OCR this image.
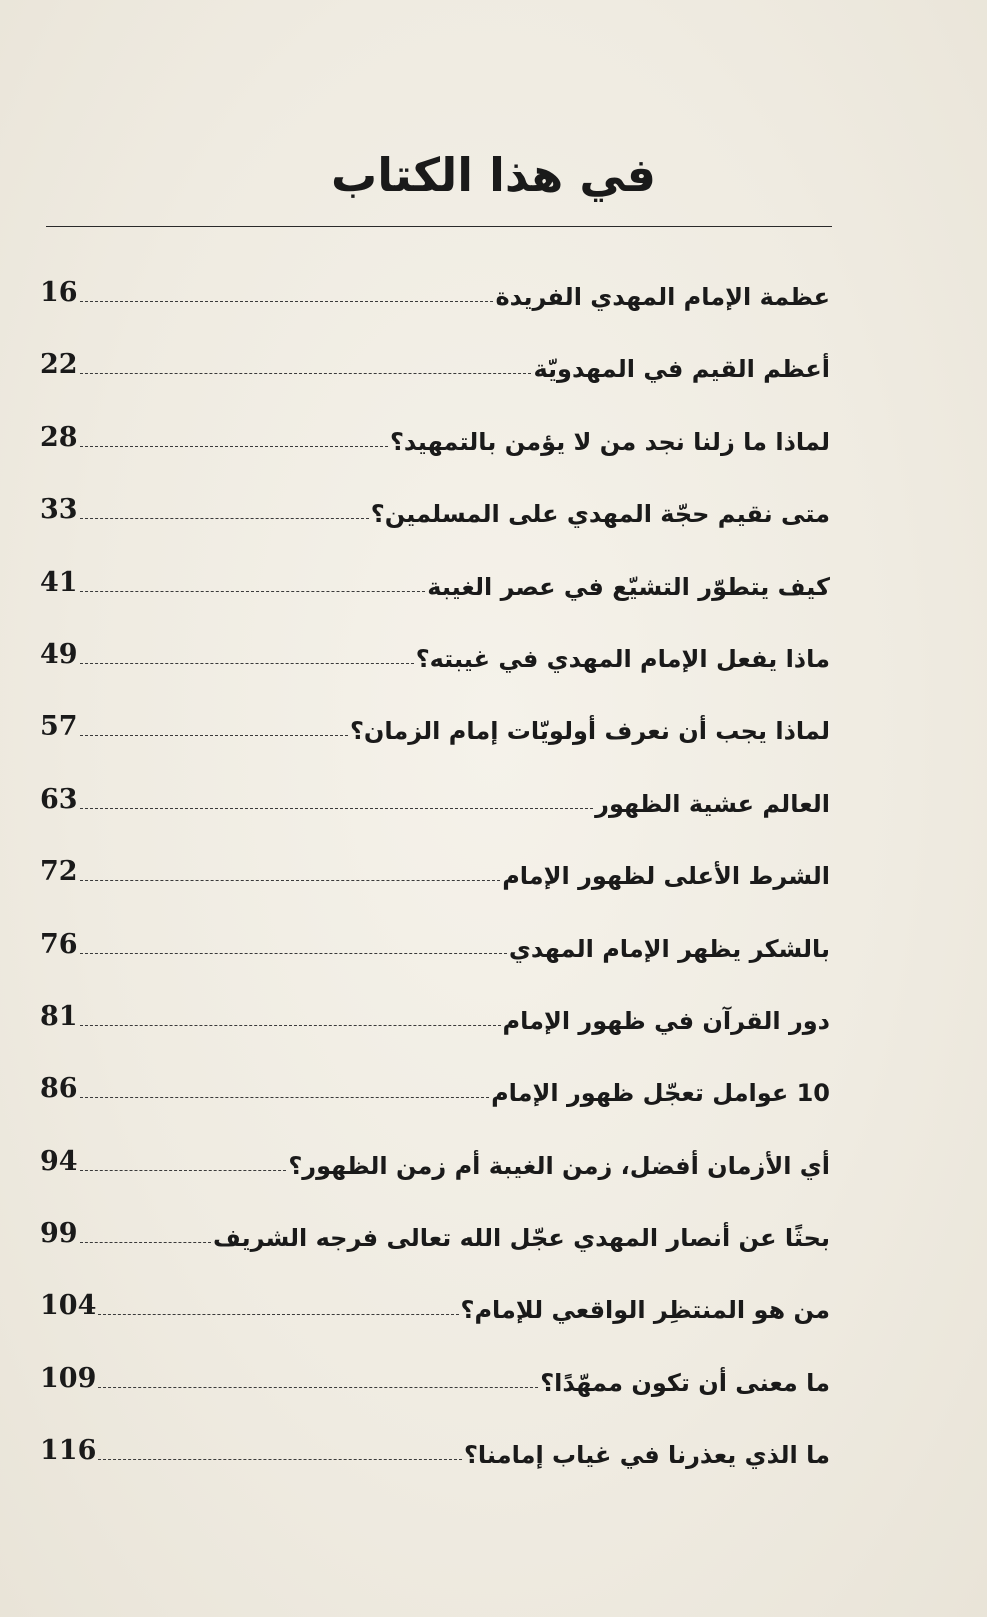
في هذا الكتاب
16	عظمة الإمام المهدي الفريدة
22	أعظم القيم في المهدويّة
28	لماذا ما زلنا نجد من لا يؤمن بالتمهيد؟
33	متى نقيم حجّة المهدي على المسلمين؟
41	كيف يتطوّر التشيّع في عصر الغيبة
49	ماذا يفعل الإمام المهدي في غيبته؟
57	لماذا يجب أن نعرف أولويّات إمام الزمان؟
63	العالم عشية الظهور
72	الشرط الأعلى لظهور الإمام
76	بالشكر يظهر الإمام المهدي
81	دور القرآن في ظهور الإمام
86	10 عوامل تعجّل ظهور الإمام
94	أي الأزمان أفضل، زمن الغيبة أم زمن الظهور؟
99	بحثًا عن أنصار المهدي عجّل الله تعالى فرجه الشريف
104	من هو المنتظِر الواقعي للإمام؟
109	ما معنى أن تكون ممهّدًا؟
116	ما الذي يعذرنا في غياب إمامنا؟
